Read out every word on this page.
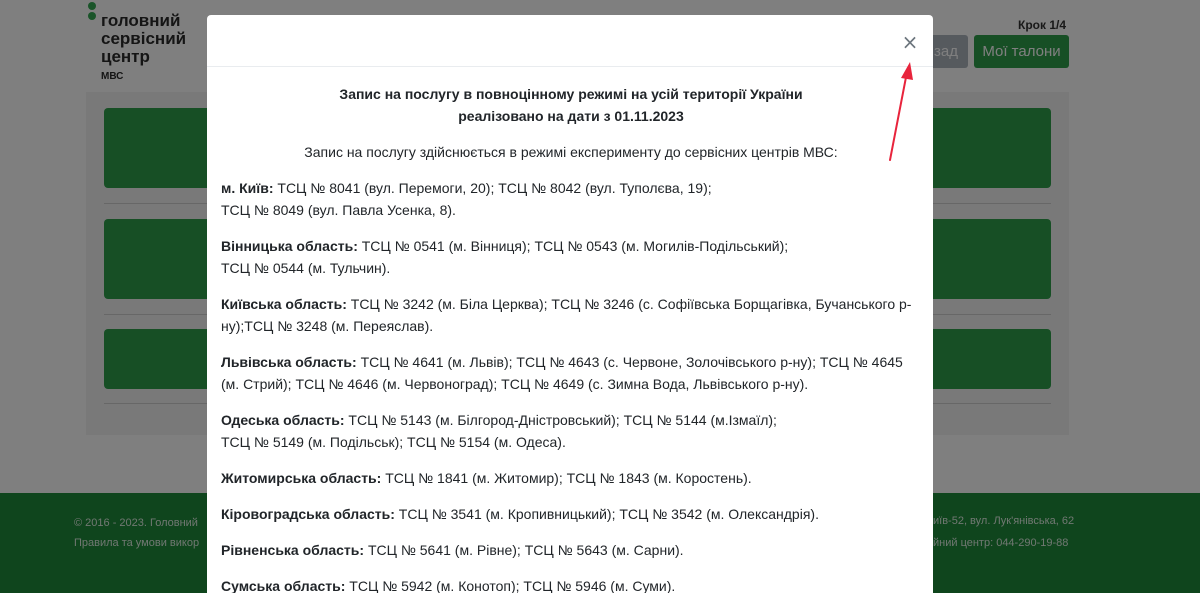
×
Запис на послугу в повноцінному режимі на усій території України
реалізовано на дати з 01.11.2023
Запис на послугу здійснюється в режимі експерименту до сервісних центрів МВС:
м. Київ: ТСЦ № 8041 (вул. Перемоги, 20); ТСЦ № 8042 (вул. Туполєва, 19);
ТСЦ № 8049 (вул. Павла Усенка, 8).
Вінницька область: ТСЦ № 0541 (м. Вінниця); ТСЦ № 0543 (м. Могилів-Подільський);
ТСЦ № 0544 (м. Тульчин).
Київська область: ТСЦ № 3242 (м. Біла Церква); ТСЦ № 3246 (с. Софіївська Борщагівка, Бучанського р-ну);ТСЦ № 3248 (м. Переяслав).
Львівська область: ТСЦ № 4641 (м. Львів); ТСЦ № 4643 (с. Червоне, Золочівського р-ну); ТСЦ № 4645 (м. Стрий); ТСЦ № 4646 (м. Червоноград); ТСЦ № 4649 (с. Зимна Вода, Львівського р-ну).
Одеська область: ТСЦ № 5143 (м. Білгород-Дністровський); ТСЦ № 5144 (м.Ізмаїл);
ТСЦ № 5149 (м. Подільськ); ТСЦ № 5154 (м. Одеса).
Житомирська область: ТСЦ № 1841 (м. Житомир); ТСЦ № 1843 (м. Коростень).
Кіровоградська область: ТСЦ № 3541 (м. Кропивницький); ТСЦ № 3542 (м. Олександрія).
Рівненська область: ТСЦ № 5641 (м. Рівне); ТСЦ № 5643 (м. Сарни).
Сумська область: ТСЦ № 5942 (м. Конотоп); ТСЦ № 5946 (м. Суми).
